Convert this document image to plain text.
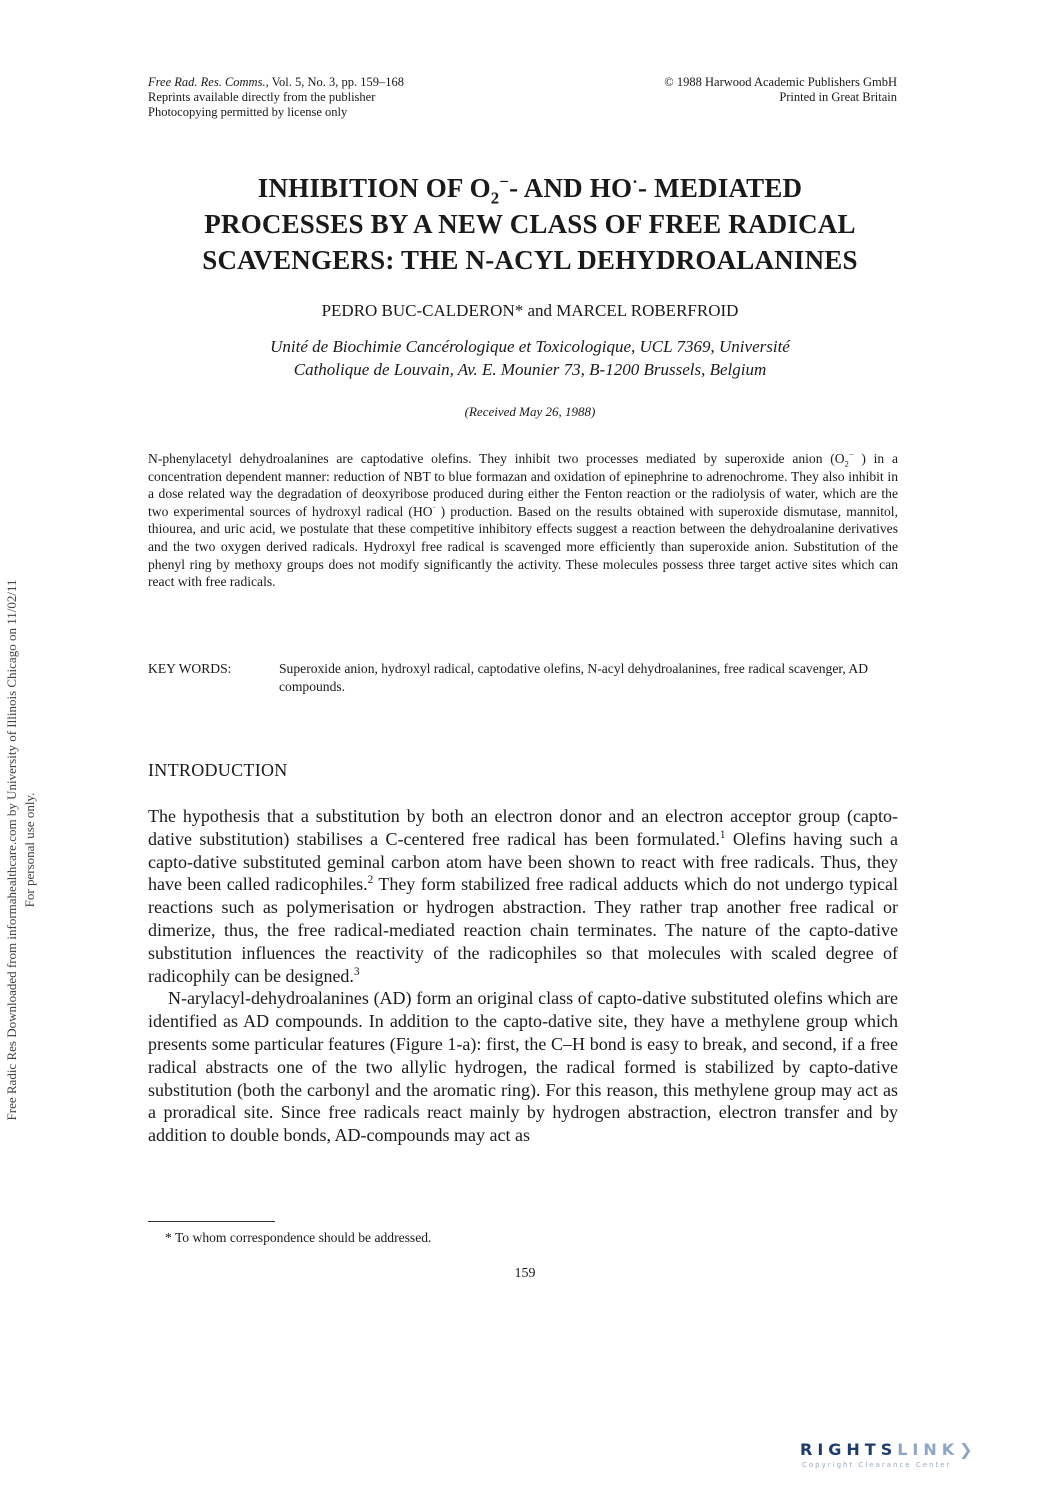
Free Rad. Res. Comms., Vol. 5, No. 3, pp. 159–168
Reprints available directly from the publisher
Photocopying permitted by license only
© 1988 Harwood Academic Publishers GmbH
Printed in Great Britain
INHIBITION OF $O_2^--$ AND HO·- MEDIATED
PROCESSES BY A NEW CLASS OF FREE RADICAL
SCAVENGERS: THE N-ACYL DEHYDROALANINES
PEDRO BUC-CALDERON* and MARCEL ROBERFROID
Unité de Biochimie Cancérologique et Toxicologique, UCL 7369, Université
Catholique de Louvain, Av. E. Mounier 73, B-1200 Brussels, Belgium
(Received May 26, 1988)
N-phenylacetyl dehydroalanines are captodative olefins. They inhibit two processes mediated by superoxide anion ($O_2^-$ ) in a concentration dependent manner: reduction of NBT to blue formazan and oxidation of epinephrine to adrenochrome. They also inhibit in a dose related way the degradation of deoxyribose produced during either the Fenton reaction or the radiolysis of water, which are the two experimental sources of hydroxyl radical (HO· ) production. Based on the results obtained with superoxide dismutase, mannitol, thiourea, and uric acid, we postulate that these competitive inhibitory effects suggest a reaction between the dehydroalanine derivatives and the two oxygen derived radicals. Hydroxyl free radical is scavenged more efficiently than superoxide anion. Substitution of the phenyl ring by methoxy groups does not modify significantly the activity. These molecules possess three target active sites which can react with free radicals.
KEY WORDS:	Superoxide anion, hydroxyl radical, captodative olefins, N-acyl dehydroalanines, free radical scavenger, AD compounds.
INTRODUCTION

The hypothesis that a substitution by both an electron donor and an electron acceptor group (capto-dative substitution) stabilises a C-centered free radical has been formulated.$^1$ Olefins having such a capto-dative substituted geminal carbon atom have been shown to react with free radicals. Thus, they have been called radicophiles.$^2$ They form stabilized free radical adducts which do not undergo typical reactions such as polymerisation or hydrogen abstraction. They rather trap another free radical or dimerize, thus, the free radical-mediated reaction chain terminates. The nature of the capto-dative substitution influences the reactivity of the radicophiles so that molecules with scaled degree of radicophily can be designed.$^3$

N-arylacyl-dehydroalanines (AD) form an original class of capto-dative substituted olefins which are identified as AD compounds. In addition to the capto-dative site, they have a methylene group which presents some particular features (Figure 1-a): first, the C–H bond is easy to break, and second, if a free radical abstracts one of the two allylic hydrogen, the radical formed is stabilized by capto-dative substitution (both the carbonyl and the aromatic ring). For this reason, this methylene group may act as a proradical site. Since free radicals react mainly by hydrogen abstraction, electron transfer and by addition to double bonds, AD-compounds may act as

* To whom correspondence should be addressed.
159
Free Radic Res Downloaded from informahealthcare.com by University of Illinois Chicago on 11/02/11 For personal use only.
RIGHTSLINK❯
Copyright Clearance Center
